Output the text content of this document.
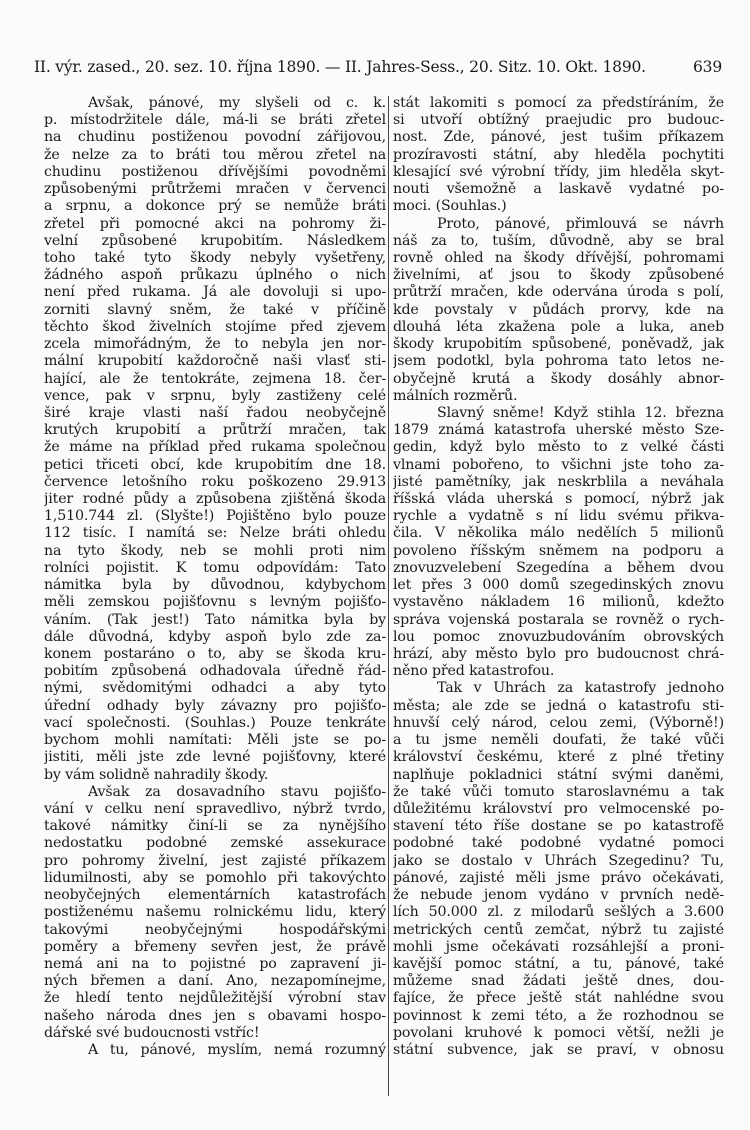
II. výr. zased., 20. sez. 10. října 1890. — II. Jahres-Sess., 20. Sitz. 10. Okt. 1890.	639
Avšak, pánové, my slyšeli od c. k.
p. místodržitele dále, má-li se bráti zřetel
na chudinu postiženou povodní zářijovou,
že nelze za to bráti tou měrou zřetel na
chudinu postiženou dřívějšími povodněmi
způsobenými průtržemi mračen v červenci
a srpnu, a dokonce prý se nemůže bráti
zřetel při pomocné akci na pohromy ži-
velní způsobené krupobitím. Následkem
toho také tyto škody nebyly vyšetřeny,
žádného aspoň průkazu úplného o nich
není před rukama. Já ale dovoluji si upo-
zorniti slavný sněm, že také v příčině
těchto škod živelních stojíme před zjevem
zcela mimořádným, že to nebyla jen nor-
mální krupobití každoročně naši vlasť sti-
hající, ale že tentokráte, zejmena 18. čer-
vence, pak v srpnu, byly zastiženy celé
širé kraje vlasti naší řadou neobyčejně
krutých krupobití a průtrží mračen, tak
že máme na příklad před rukama společnou
petici třiceti obcí, kde krupobitím dne 18.
července letošního roku poškozeno 29.913
jiter rodné půdy a způsobena zjištěná škoda
1,510.744 zl. (Slyšte!) Pojištěno bylo pouze
112 tisíc. I namítá se: Nelze bráti ohledu
na tyto škody, neb se mohli proti nim
rolníci pojistit. K tomu odpovídám: Tato
námitka byla by důvodnou, kdybychom
měli zemskou pojišťovnu s levným pojišťo-
váním. (Tak jest!) Tato námitka byla by
dále důvodná, kdyby aspoň bylo zde za-
konem postaráno o to, aby se škoda kru-
pobitím způsobená odhadovala úředně řád-
nými, svědomitými odhadci a aby tyto
úřední odhady byly závazny pro pojišťo-
vací společnosti. (Souhlas.) Pouze tenkráte
bychom mohli namítati: Měli jste se po-
jistiti, měli jste zde levné pojišťovny, které
by vám solidně nahradily škody.
Avšak za dosavadního stavu pojišťo-
vání v celku není spravedlivo, nýbrž tvrdo,
takové námitky činí-li se za nynějšího
nedostatku podobné zemské assekurace
pro pohromy živelní, jest zajisté příkazem
lidumilnosti, aby se pomohlo při takovýchto
neobyčejných elementárních katastrofách
postiženému našemu rolnickému lidu, který
takovými neobyčejnými hospodářskými
poměry a břemeny sevřen jest, že právě
nemá ani na to pojistné po zapravení ji-
ných břemen a daní. Ano, nezapomínejme,
že hledí tento nejdůležitější výrobní stav
našeho národa dnes jen s obavami hospo-
dářské své budoucnosti vstříc!
A tu, pánové, myslím, nemá rozumný
stát lakomiti s pomocí za předstíráním, že
si utvoří obtížný praejudic pro budouc-
nost. Zde, pánové, jest tušim příkazem
prozíravosti státní, aby hleděla pochytiti
klesající své výrobní třídy, jim hleděla skyt-
nouti všemožně a laskavě vydatné po-
moci. (Souhlas.)
Proto, pánové, přimlouvá se návrh
náš za to, tuším, důvodně, aby se bral
rovně ohled na škody dřívější, pohromami
živelními, ať jsou to škody způsobené
průtrží mračen, kde odervána úroda s polí,
kde povstaly v půdách prorvy, kde na
dlouhá léta zkažena pole a luka, aneb
škody krupobitím spůsobené, poněvadž, jak
jsem podotkl, byla pohroma tato letos ne-
obyčejně krutá a škody dosáhly abnor-
málních rozměrů.
Slavný sněme! Když stihla 12. března
1879 známá katastrofa uherské město Sze-
gedin, když bylo město to z velké části
vlnami pobořeno, to všichni jste toho za-
jisté pamětníky, jak neskrblila a neváhala
říšská vláda uherská s pomocí, nýbrž jak
rychle a vydatně s ní lidu svému přikva-
čila. V několika málo nedělích 5 milionů
povoleno říšským sněmem na podporu a
znovuzvelebení Szegedína a během dvou
let přes 3 000 domů szegedinských znovu
vystavěno nákladem 16 milionů, kdežto
správa vojenská postarala se rovněž o rych-
lou pomoc znovuzbudováním obrovských
hrází, aby město bylo pro budoucnost chrá-
něno před katastrofou.
Tak v Uhrách za katastrofy jednoho
města; ale zde se jedná o katastrofu sti-
hnuvší celý národ, celou zemi, (Výborně!)
a tu jsme neměli doufati, že také vůči
království českému, které z plné třetiny
naplňuje pokladnici státní svými daněmi,
že také vůči tomuto staroslavnému a tak
důležitému království pro velmocenské po-
stavení této říše dostane se po katastrofě
podobné také podobné vydatné pomoci
jako se dostalo v Uhrách Szegedinu? Tu,
pánové, zajisté měli jsme právo očekávati,
že nebude jenom vydáno v prvních nedě-
lích 50.000 zl. z milodarů sešlých a 3.600
metrických centů zemčat, nýbrž tu zajisté
mohli jsme očekávati rozsáhlejší a proni-
kavější pomoc státní, a tu, pánové, také
můžeme snad žádati ještě dnes, dou-
fajíce, že přece ještě stát nahlédne svou
povinnost k zemi této, a že rozhodnou se
povolani kruhové k pomoci větší, nežli je
státní subvence, jak se praví, v obnosu
